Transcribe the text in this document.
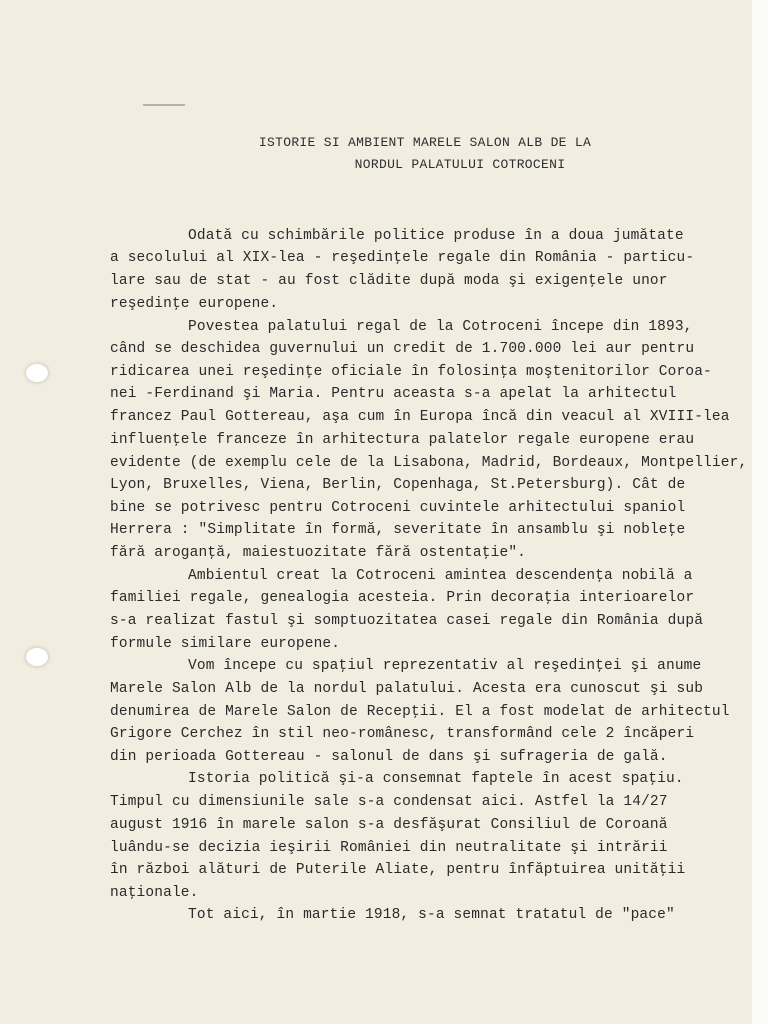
ISTORIE SI AMBIENT MARELE SALON ALB DE LA
NORDUL PALATULUI COTROCENI
Odată cu schimbările politice produse în a doua jumătate
a secolului al XIX-lea - reşedinţele regale din România - particu-
lare sau de stat - au fost clădite după moda şi exigenţele unor
reşedinţe europene.
Povestea palatului regal de la Cotroceni începe din 1893,
când se deschidea guvernului un credit de 1.700.000 lei aur pentru
ridicarea unei reşedinţe oficiale în folosinţa moştenitorilor Coroa-
nei -Ferdinand şi Maria. Pentru aceasta s-a apelat la arhitectul
francez Paul Gottereau, aşa cum în Europa încă din veacul al XVIII-lea
influenţele franceze în arhitectura palatelor regale europene erau
evidente (de exemplu cele de la Lisabona, Madrid, Bordeaux, Montpellier,
Lyon, Bruxelles, Viena, Berlin, Copenhaga, St.Petersburg). Cât de
bine se potrivesc pentru Cotroceni cuvintele arhitectului spaniol
Herrera : "Simplitate în formă, severitate în ansamblu şi nobleţe
fără aroganţă, maiestuozitate fără ostentaţie".
Ambientul creat la Cotroceni amintea descendenţa nobilă a
familiei regale, genealogia acesteia. Prin decoraţia interioarelor
s-a realizat fastul şi somptuozitatea casei regale din România după
formule similare europene.
Vom începe cu spaţiul reprezentativ al reşedinţei şi anume
Marele Salon Alb de la nordul palatului. Acesta era cunoscut şi sub
denumirea de Marele Salon de Recepţii. El a fost modelat de arhitectul
Grigore Cerchez în stil neo-românesc, transformând cele 2 încăperi
din perioada Gottereau - salonul de dans şi sufrageria de gală.
Istoria politică şi-a consemnat faptele în acest spaţiu.
Timpul cu dimensiunile sale s-a condensat aici. Astfel la 14/27
august 1916 în marele salon s-a desfăşurat Consiliul de Coroană
luându-se decizia ieşirii României din neutralitate şi intrării
în război alături de Puterile Aliate, pentru înfăptuirea unităţii
naţionale.
Tot aici, în martie 1918, s-a semnat tratatul de "pace"
